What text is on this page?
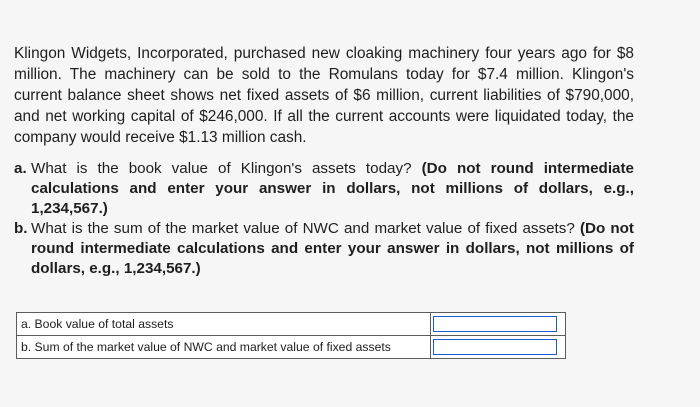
Klingon Widgets, Incorporated, purchased new cloaking machinery four years ago for $8 million. The machinery can be sold to the Romulans today for $7.4 million. Klingon's current balance sheet shows net fixed assets of $6 million, current liabilities of $790,000, and net working capital of $246,000. If all the current accounts were liquidated today, the company would receive $1.13 million cash.
a. What is the book value of Klingon's assets today? (Do not round intermediate calculations and enter your answer in dollars, not millions of dollars, e.g., 1,234,567.)
b. What is the sum of the market value of NWC and market value of fixed assets? (Do not round intermediate calculations and enter your answer in dollars, not millions of dollars, e.g., 1,234,567.)
a. Book value of total assets	

b. Sum of the market value of NWC and market value of fixed assets	
